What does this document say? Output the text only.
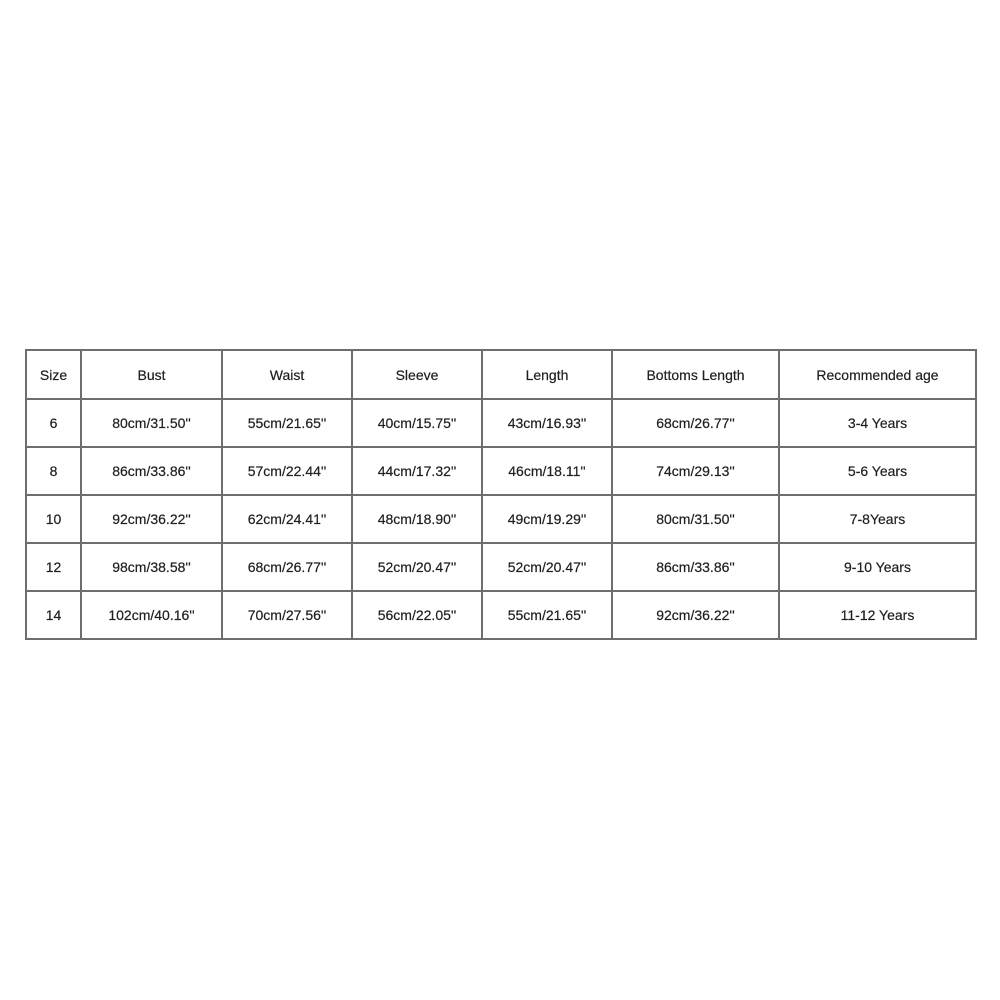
Size	Bust	Waist	Sleeve	Length	Bottoms Length	Recommended age
6	80cm/31.50''	55cm/21.65''	40cm/15.75''	43cm/16.93''	68cm/26.77''	3-4 Years
8	86cm/33.86''	57cm/22.44''	44cm/17.32''	46cm/18.11''	74cm/29.13''	5-6 Years
10	92cm/36.22''	62cm/24.41''	48cm/18.90''	49cm/19.29''	80cm/31.50''	7-8Years
12	98cm/38.58''	68cm/26.77''	52cm/20.47''	52cm/20.47''	86cm/33.86''	9-10 Years
14	102cm/40.16''	70cm/27.56''	56cm/22.05''	55cm/21.65''	92cm/36.22''	11-12 Years
